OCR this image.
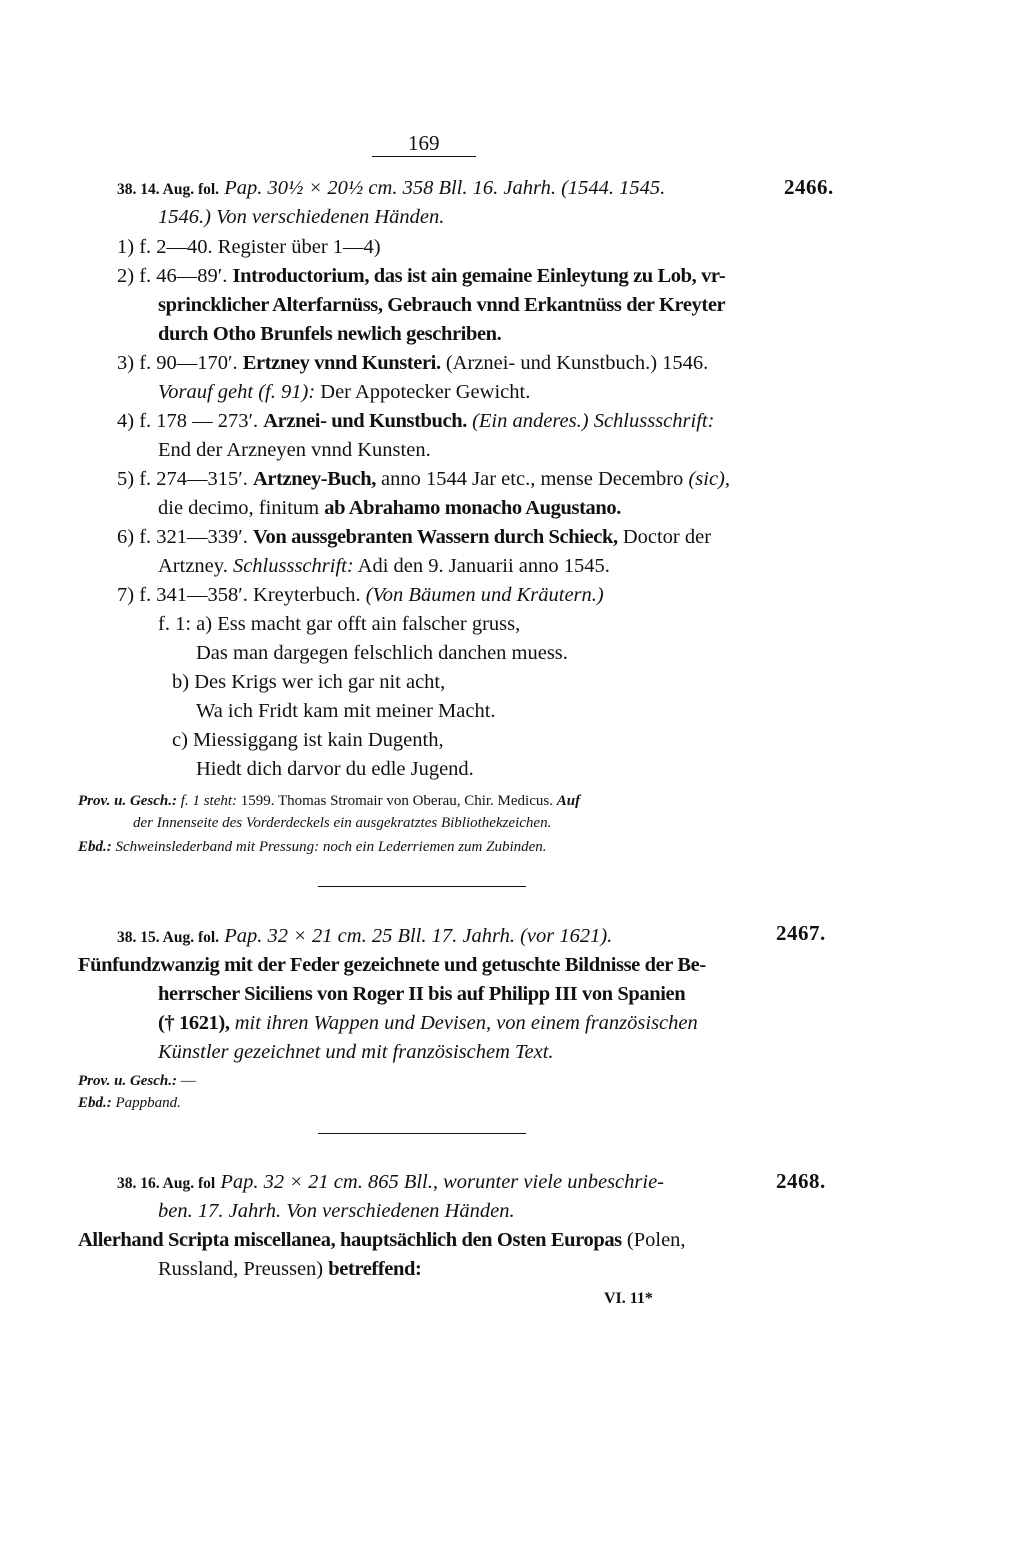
169
38. 14. Aug. fol. Pap. 30½ × 20½ cm. 358 Bll. 16. Jahrh. (1544. 1545.	2466.
1546.) Von verschiedenen Händen.
1) f. 2—40. Register über 1—4)
2) f. 46—89′. Introductorium, das ist ain gemaine Einleytung zu Lob, vr-
sprincklicher Alterfarnüss, Gebrauch vnnd Erkantnüss der Kreyter
durch Otho Brunfels newlich geschriben.
3) f. 90—170′. Ertzney vnnd Kunsteri. (Arznei- und Kunstbuch.) 1546.
Vorauf geht (f. 91): Der Appotecker Gewicht.
4) f. 178 — 273′. Arznei- und Kunstbuch. (Ein anderes.) Schlussschrift:
End der Arzneyen vnnd Kunsten.
5) f. 274—315′. Artzney-Buch, anno 1544 Jar etc., mense Decembro (sic),
die decimo, finitum ab Abrahamo monacho Augustano.
6) f. 321—339′. Von aussgebranten Wassern durch Schieck, Doctor der
Artzney. Schlussschrift: Adi den 9. Januarii anno 1545.
7) f. 341—358′. Kreyterbuch. (Von Bäumen und Kräutern.)
f. 1: a) Ess macht gar offt ain falscher gruss,
Das man dargegen felschlich danchen muess.
b) Des Krigs wer ich gar nit acht,
Wa ich Fridt kam mit meiner Macht.
c) Miessiggang ist kain Dugenth,
Hiedt dich darvor du edle Jugend.
Prov. u. Gesch.: f. 1 steht: 1599. Thomas Stromair von Oberau, Chir. Medicus. Auf
der Innenseite des Vorderdeckels ein ausgekratztes Bibliothekzeichen.
Ebd.: Schweinslederband mit Pressung: noch ein Lederriemen zum Zubinden.
38. 15. Aug. fol. Pap. 32 × 21 cm. 25 Bll. 17. Jahrh. (vor 1621).	2467.
Fünfundzwanzig mit der Feder gezeichnete und getuschte Bildnisse der Be-
herrscher Siciliens von Roger II bis auf Philipp III von Spanien
(† 1621), mit ihren Wappen und Devisen, von einem französischen
Künstler gezeichnet und mit französischem Text.
Prov. u. Gesch.: —
Ebd.: Pappband.
38. 16. Aug. fol Pap. 32 × 21 cm. 865 Bll., worunter viele unbeschrie-	2468.
ben. 17. Jahrh. Von verschiedenen Händen.
Allerhand Scripta miscellanea, hauptsächlich den Osten Europas (Polen,
Russland, Preussen) betreffend:
VI. 11*
